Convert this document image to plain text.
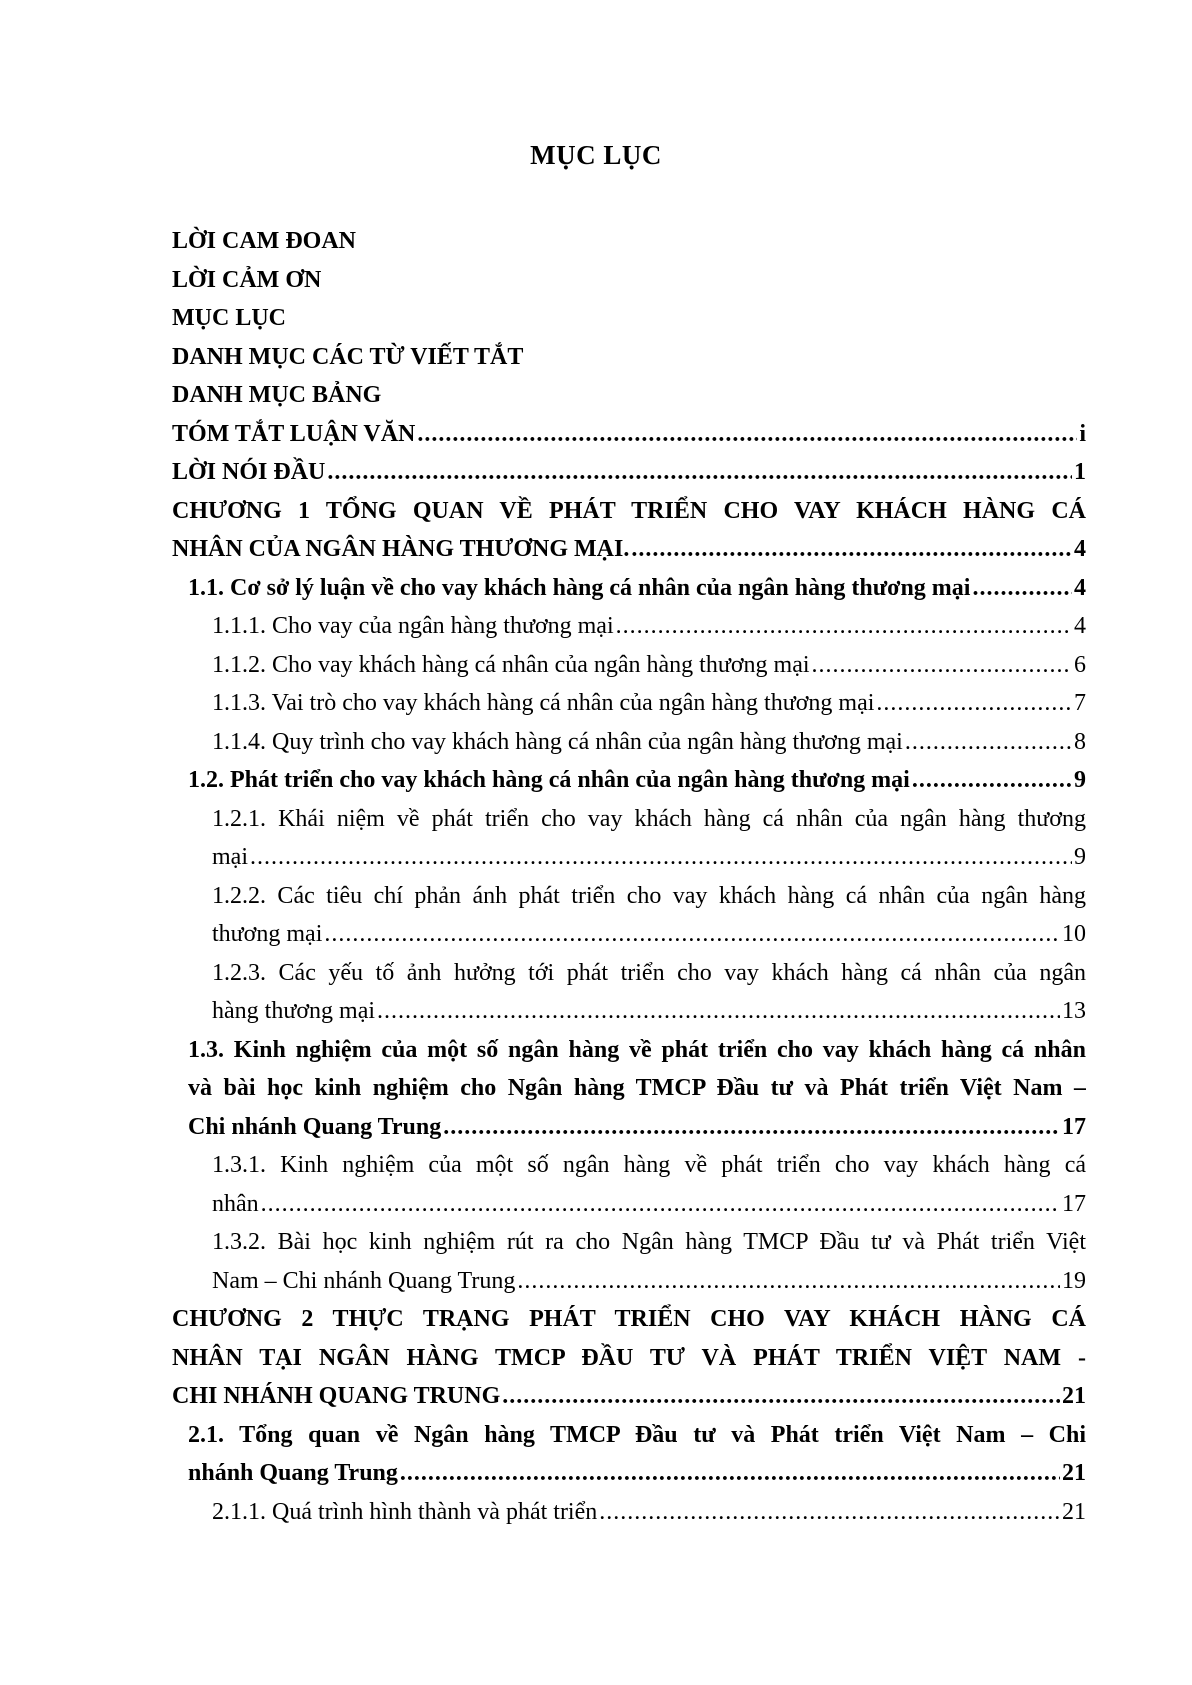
MỤC LỤC
LỜI CAM ĐOAN
LỜI CẢM ƠN
MỤC LỤC
DANH MỤC CÁC TỪ VIẾT TẮT
DANH MỤC BẢNG
TÓM TẮT LUẬN VĂN .....	i
LỜI NÓI ĐẦU .....	1
CHƯƠNG 1 TỔNG QUAN VỀ PHÁT TRIỂN CHO VAY KHÁCH HÀNG CÁ
NHÂN CỦA NGÂN HÀNG THƯƠNG MẠI. .....	4
1.1. Cơ sở lý luận về cho vay khách hàng cá nhân của ngân hàng thương mại .....	4
1.1.1. Cho vay của ngân hàng thương mại .....	4
1.1.2. Cho vay khách hàng cá nhân của ngân hàng thương mại .....	6
1.1.3. Vai trò cho vay khách hàng cá nhân của ngân hàng thương mại .....	7
1.1.4. Quy trình cho vay khách hàng cá nhân của ngân hàng thương mại .....	8
1.2. Phát triển cho vay khách hàng cá nhân của ngân hàng thương mại .....	9
1.2.1. Khái niệm về phát triển cho vay khách hàng cá nhân của ngân hàng thương
mại .....	9
1.2.2. Các tiêu chí phản ánh phát triển cho vay khách hàng cá nhân của ngân hàng
thương mại .....	10
1.2.3. Các yếu tố ảnh hưởng tới phát triển cho vay khách hàng cá nhân của ngân
hàng thương mại .....	13
1.3. Kinh nghiệm của một số ngân hàng về phát triển cho vay khách hàng cá nhân
và bài học kinh nghiệm cho Ngân hàng TMCP Đầu tư và Phát triển Việt Nam –
Chi nhánh Quang Trung .....	17
1.3.1. Kinh nghiệm của một số ngân hàng về phát triển cho vay khách hàng cá
nhân .....	17
1.3.2. Bài học kinh nghiệm rút ra cho Ngân hàng TMCP Đầu tư và Phát triển Việt
Nam – Chi nhánh Quang Trung .....	19
CHƯƠNG 2 THỰC TRẠNG PHÁT TRIỂN CHO VAY KHÁCH HÀNG CÁ
NHÂN TẠI NGÂN HÀNG TMCP ĐẦU TƯ VÀ PHÁT TRIỂN VIỆT NAM -
CHI NHÁNH QUANG TRUNG .....	21
2.1. Tổng quan về Ngân hàng TMCP Đầu tư và Phát triển Việt Nam – Chi
nhánh Quang Trung .....	21
2.1.1. Quá trình hình thành và phát triển .....	21
